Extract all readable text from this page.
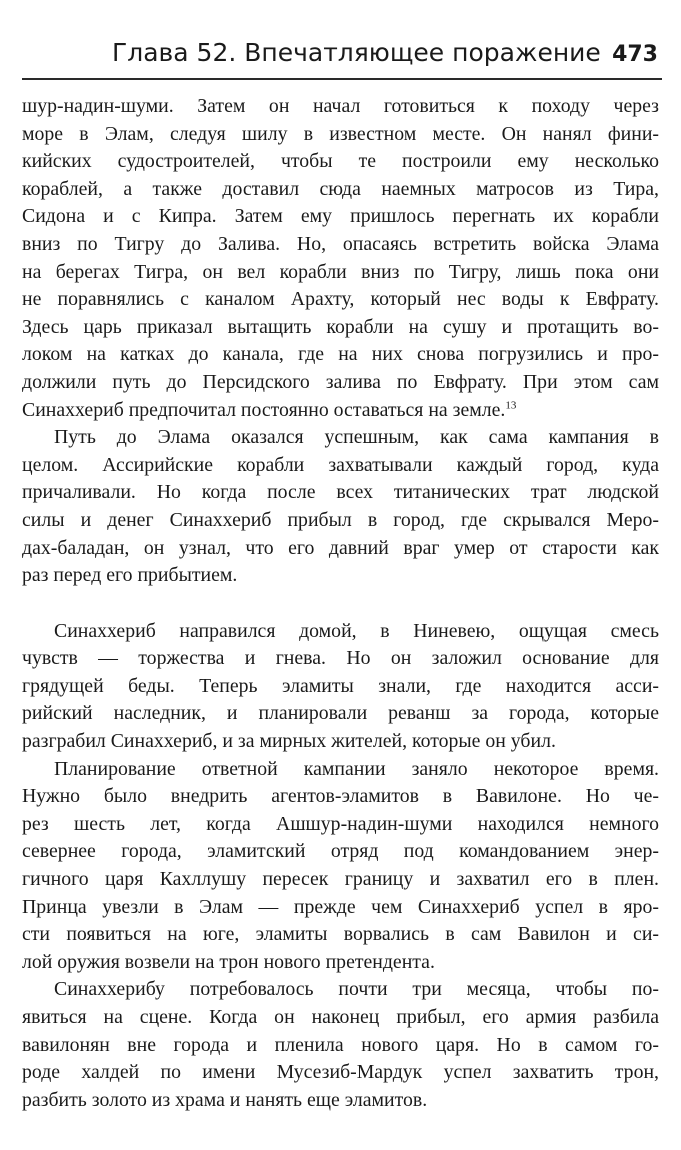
Глава 52. Впечатляющее поражение 473
шур-надин-шуми. Затем он начал готовиться к походу через
море в Элам, следуя шилу в известном месте. Он нанял фини-
кийских судостроителей, чтобы те построили ему несколько
кораблей, а также доставил сюда наемных матросов из Тира,
Сидона и с Кипра. Затем ему пришлось перегнать их корабли
вниз по Тигру до Залива. Но, опасаясь встретить войска Элама
на берегах Тигра, он вел корабли вниз по Тигру, лишь пока они
не поравнялись с каналом Арахту, который нес воды к Евфрату.
Здесь царь приказал вытащить корабли на сушу и протащить во-
локом на катках до канала, где на них снова погрузились и про-
должили путь до Персидского залива по Евфрату. При этом сам
Синаххериб предпочитал постоянно оставаться на земле.$^{13}$
Путь до Элама оказался успешным, как сама кампания в
целом. Ассирийские корабли захватывали каждый город, куда
причаливали. Но когда после всех титанических трат людской
силы и денег Синаххериб прибыл в город, где скрывался Меро-
дах-баладан, он узнал, что его давний враг умер от старости как
раз перед его прибытием.
Синаххериб направился домой, в Ниневею, ощущая смесь
чувств — торжества и гнева. Но он заложил основание для
грядущей беды. Теперь эламиты знали, где находится асси-
рийский наследник, и планировали реванш за города, которые
разграбил Синаххериб, и за мирных жителей, которые он убил.
Планирование ответной кампании заняло некоторое время.
Нужно было внедрить агентов-эламитов в Вавилоне. Но че-
рез шесть лет, когда Ашшур-надин-шуми находился немного
севернее города, эламитский отряд под командованием энер-
гичного царя Кахллушу пересек границу и захватил его в плен.
Принца увезли в Элам — прежде чем Синаххериб успел в яро-
сти появиться на юге, эламиты ворвались в сам Вавилон и си-
лой оружия возвели на трон нового претендента.
Синаххерибу потребовалось почти три месяца, чтобы по-
явиться на сцене. Когда он наконец прибыл, его армия разбила
вавилонян вне города и пленила нового царя. Но в самом го-
роде халдей по имени Мусезиб-Мардук успел захватить трон,
разбить золото из храма и нанять еще эламитов.
